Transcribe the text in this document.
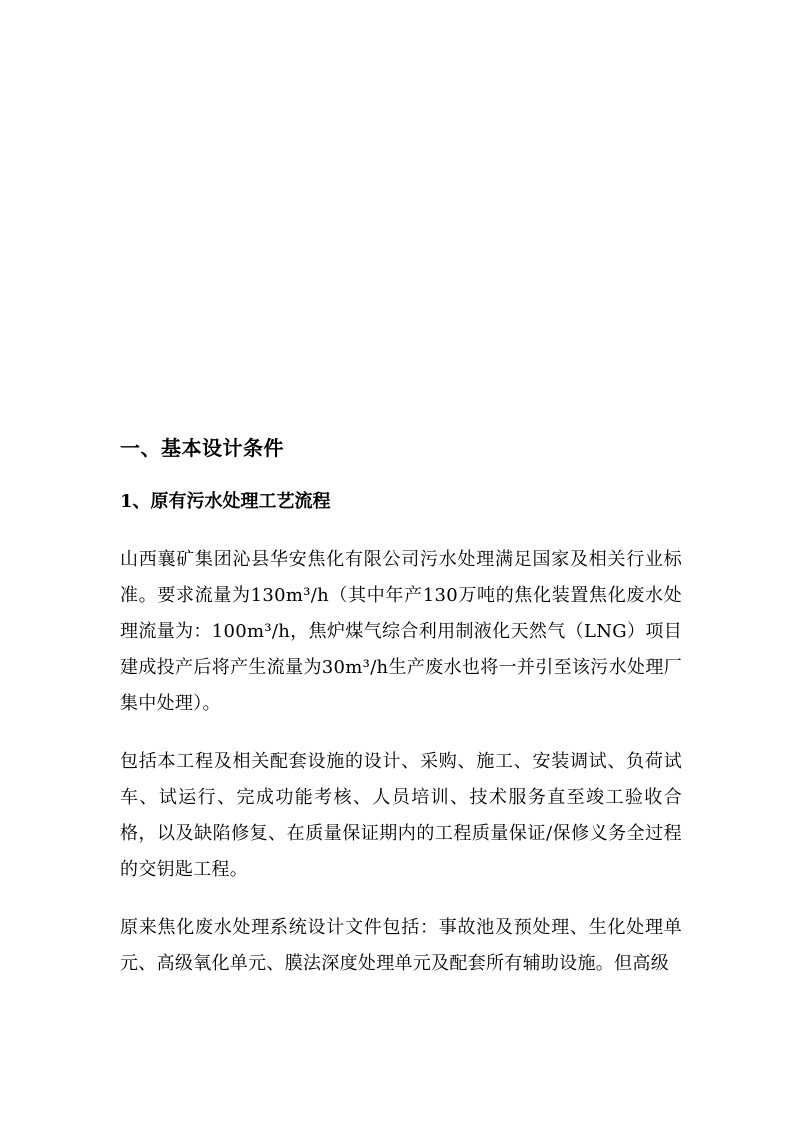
一、基本设计条件
1、原有污水处理工艺流程

山西襄矿集团沁县华安焦化有限公司污水处理满足国家及相关行业标准。要求流量为130m³/h（其中年产130万吨的焦化装置焦化废水处理流量为：100m³/h，焦炉煤气综合利用制液化天然气（LNG）项目建成投产后将产生流量为30m³/h生产废水也将一并引至该污水处理厂集中处理）。

包括本工程及相关配套设施的设计、采购、施工、安装调试、负荷试车、试运行、完成功能考核、人员培训、技术服务直至竣工验收合格，以及缺陷修复、在质量保证期内的工程质量保证/保修义务全过程的交钥匙工程。

原来焦化废水处理系统设计文件包括：事故池及预处理、生化处理单元、高级氧化单元、膜法深度处理单元及配套所有辅助设施。但高级
